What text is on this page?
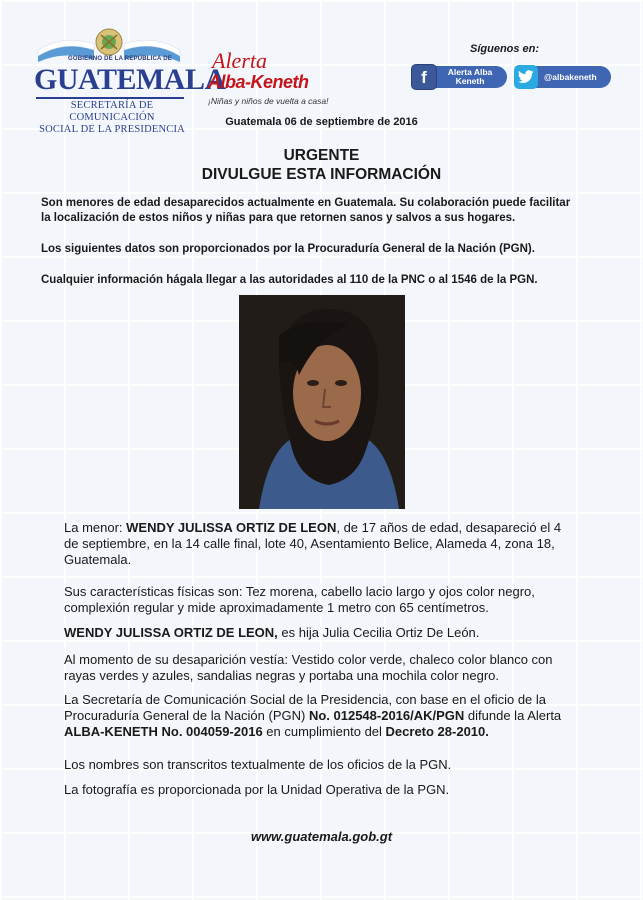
GOBIERNO DE LA REPÚBLICA DE
GUATEMALA
SECRETARÍA DE COMUNICACIÓN
SOCIAL DE LA PRESIDENCIA
Alerta
Alba-Keneth
¡Niñas y niños de vuelta a casa!
Síguenos en:
f	Alerta Alba
Keneth	@albakeneth
Guatemala 06 de septiembre de 2016
URGENTE
DIVULGUE ESTA INFORMACIÓN
Son menores de edad desaparecidos actualmente en Guatemala. Su colaboración puede facilitar
la localización de estos niños y niñas para que retornen sanos y salvos a sus hogares.
Los siguientes datos son proporcionados por la Procuraduría General de la Nación (PGN).
Cualquier información hágala llegar a las autoridades al 110 de la PNC o al 1546 de la PGN.
La menor: WENDY JULISSA ORTIZ DE LEON, de 17 años de edad, desapareció el 4 de septiembre, en la 14 calle final, lote 40, Asentamiento Belice, Alameda 4, zona 18, Guatemala.
Sus características físicas son: Tez morena, cabello lacio largo y ojos color negro, complexión regular y mide aproximadamente 1 metro con 65 centímetros.
WENDY JULISSA ORTIZ DE LEON, es hija Julia Cecilia Ortiz De León.
Al momento de su desaparición vestía: Vestido color verde, chaleco color blanco con rayas verdes y azules, sandalias negras y portaba una mochila color negro.
La Secretaría de Comunicación Social de la Presidencia, con base en el oficio de la Procuraduría General de la Nación (PGN) No. 012548-2016/AK/PGN difunde la Alerta ALBA-KENETH No. 004059-2016 en cumplimiento del Decreto 28-2010.
Los nombres son transcritos textualmente de los oficios de la PGN.
La fotografía es proporcionada por la Unidad Operativa de la PGN.
www.guatemala.gob.gt
